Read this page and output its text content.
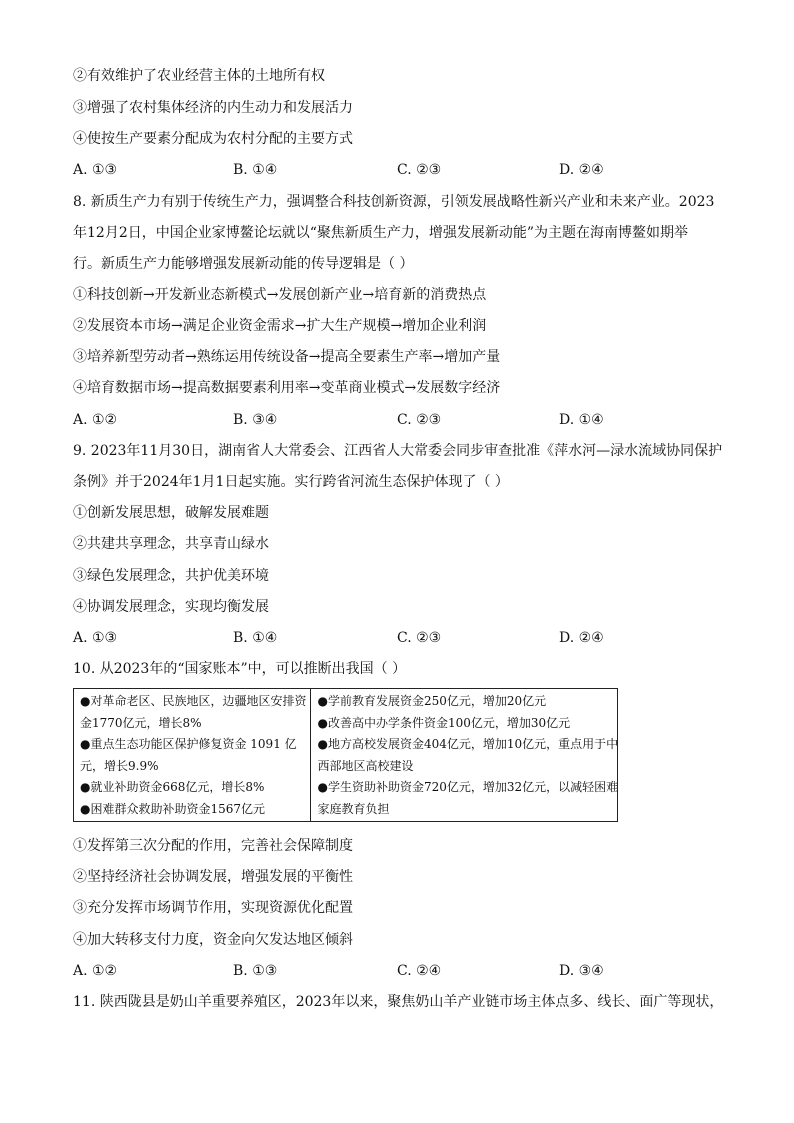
②有效维护了农业经营主体的土地所有权
③增强了农村集体经济的内生动力和发展活力
④使按生产要素分配成为农村分配的主要方式
A. ①③	B. ①④	C. ②③	D. ②④
8. 新质生产力有别于传统生产力，强调整合科技创新资源，引领发展战略性新兴产业和未来产业。2023
年12月2日，中国企业家博鳌论坛就以“聚焦新质生产力，增强发展新动能”为主题在海南博鳌如期举
行。新质生产力能够增强发展新动能的传导逻辑是（ ）
①科技创新→开发新业态新模式→发展创新产业→培育新的消费热点
②发展资本市场→满足企业资金需求→扩大生产规模→增加企业利润
③培养新型劳动者→熟练运用传统设备→提高全要素生产率→增加产量
④培育数据市场→提高数据要素利用率→变革商业模式→发展数字经济
A. ①②	B. ③④	C. ②③	D. ①④
9. 2023年11月30日，湖南省人大常委会、江西省人大常委会同步审查批准《萍水河—渌水流域协同保护
条例》并于2024年1月1日起实施。实行跨省河流生态保护体现了（ ）
①创新发展思想，破解发展难题
②共建共享理念，共享青山绿水
③绿色发展理念，共护优美环境
④协调发展理念，实现均衡发展
A. ①③	B. ①④	C. ②③	D. ②④
10. 从2023年的“国家账本”中，可以推断出我国（ ）
●对革命老区、民族地区，边疆地区安排资
金1770亿元，增长8%
●重点生态功能区保护修复资金 1091 亿
元，增长9.9%
●就业补助资金668亿元，增长8%
●困难群众救助补助资金1567亿元
●学前教育发展资金250亿元，增加20亿元
●改善高中办学条件资金100亿元，增加30亿元
●地方高校发展资金404亿元，增加10亿元，重点用于中
西部地区高校建设
●学生资助补助资金720亿元，增加32亿元，以减轻困难
家庭教育负担
①发挥第三次分配的作用，完善社会保障制度
②坚持经济社会协调发展，增强发展的平衡性
③充分发挥市场调节作用，实现资源优化配置
④加大转移支付力度，资金向欠发达地区倾斜
A. ①②	B. ①③	C. ②④	D. ③④
11. 陕西陇县是奶山羊重要养殖区，2023年以来，聚焦奶山羊产业链市场主体点多、线长、面广等现状，
